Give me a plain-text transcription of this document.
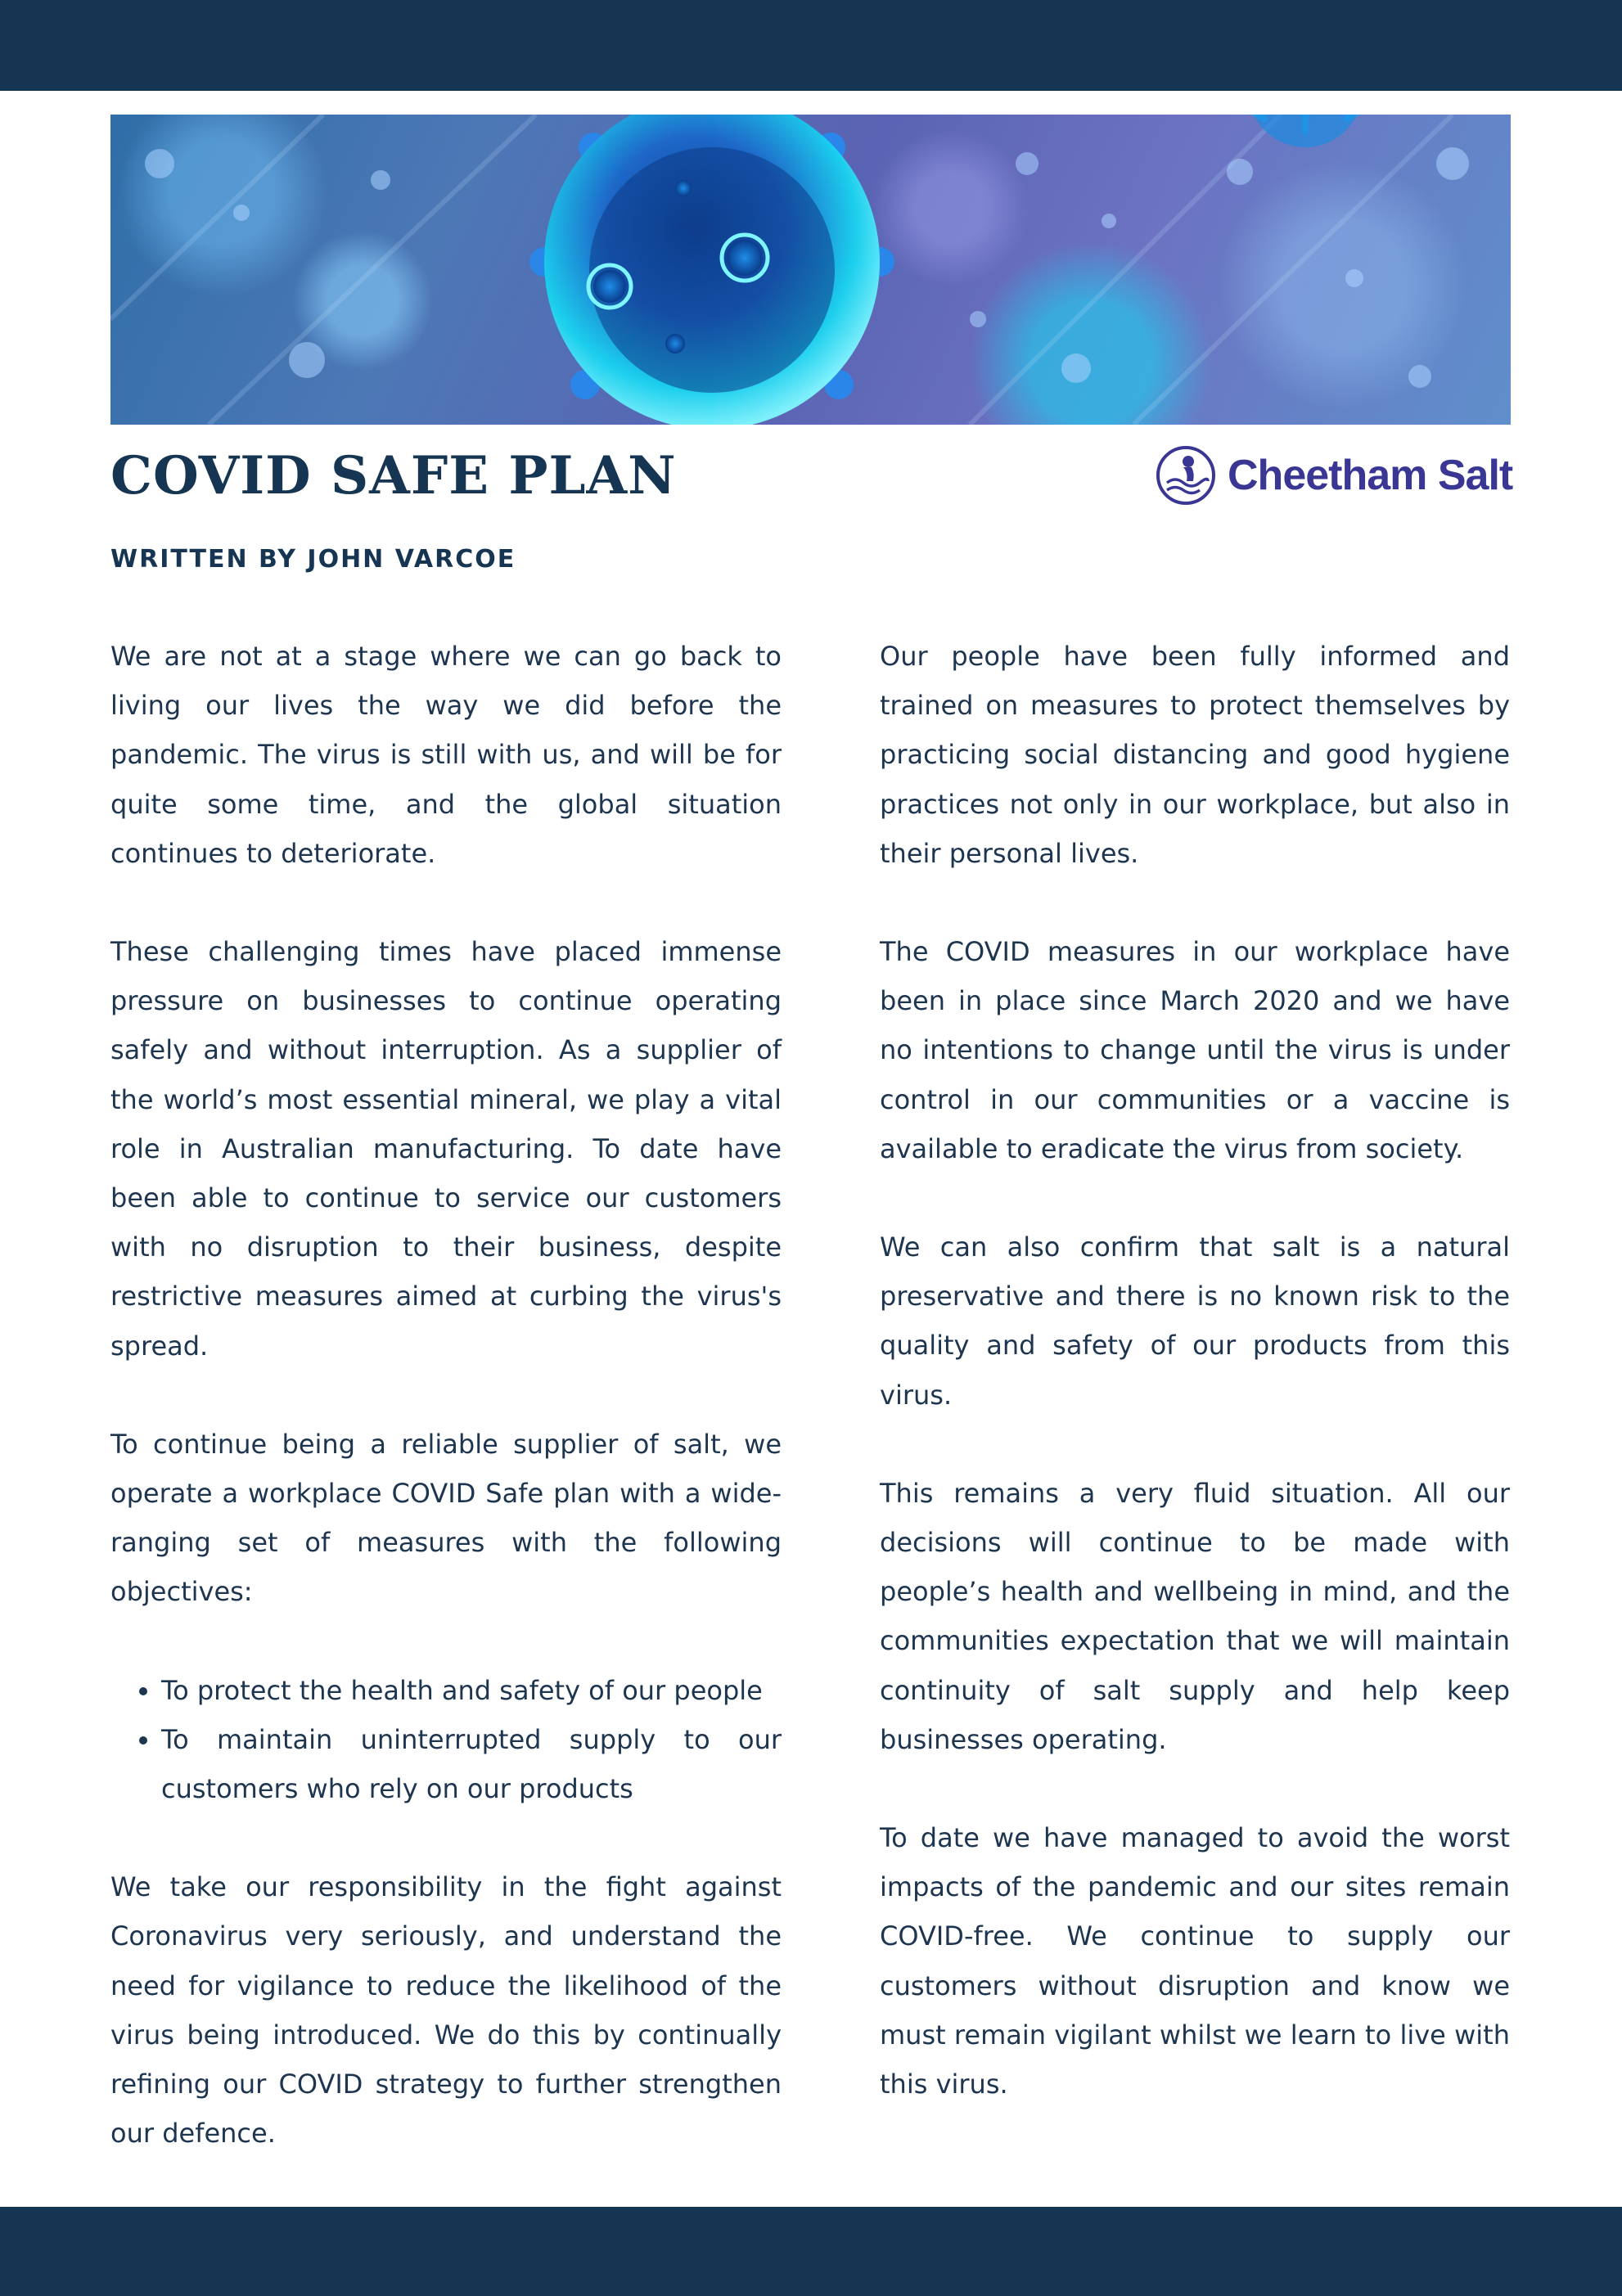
COVID SAFE PLAN	Cheetham Salt

WRITTEN BY JOHN VARCOE

We are not at a stage where we can go back to living our lives the way we did before the pandemic. The virus is still with us, and will be for quite some time, and the global situation continues to deteriorate.

These challenging times have placed immense pressure on businesses to continue operating safely and without interruption. As a supplier of the world’s most essential mineral, we play a vital role in Australian manufacturing. To date have been able to continue to service our customers with no disruption to their business, despite restrictive measures aimed at curbing the virus's spread.

To continue being a reliable supplier of salt, we operate a workplace COVID Safe plan with a wide-ranging set of measures with the following objectives:

• To protect the health and safety of our people
• To maintain uninterrupted supply to our customers who rely on our products

We take our responsibility in the fight against Coronavirus very seriously, and understand the need for vigilance to reduce the likelihood of the virus being introduced. We do this by continually refining our COVID strategy to further strengthen our defence.

Our people have been fully informed and trained on measures to protect themselves by practicing social distancing and good hygiene practices not only in our workplace, but also in their personal lives.

The COVID measures in our workplace have been in place since March 2020 and we have no intentions to change until the virus is under control in our communities or a vaccine is available to eradicate the virus from society.

We can also confirm that salt is a natural preservative and there is no known risk to the quality and safety of our products from this virus.

This remains a very fluid situation. All our decisions will continue to be made with people’s health and wellbeing in mind, and the communities expectation that we will maintain continuity of salt supply and help keep businesses operating.

To date we have managed to avoid the worst impacts of the pandemic and our sites remain COVID-free. We continue to supply our customers without disruption and know we must remain vigilant whilst we learn to live with this virus.
